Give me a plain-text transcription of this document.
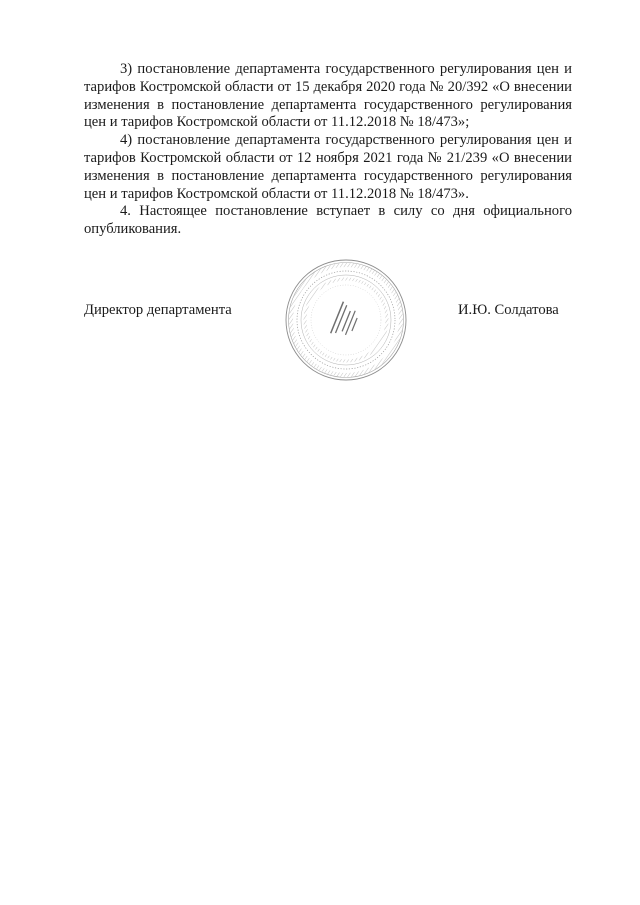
3) постановление департамента государственного регулирования цен и тарифов Костромской области от 15 декабря 2020 года № 20/392 «О внесении изменения в постановление департамента государственного регулирования цен и тарифов Костромской области от 11.12.2018 № 18/473»;

4) постановление департамента государственного регулирования цен и тарифов Костромской области от 12 ноября 2021 года № 21/239 «О внесении изменения в постановление департамента государственного регулирования цен и тарифов Костромской области от 11.12.2018 № 18/473».

4. Настоящее постановление вступает в силу со дня официального опубликования.

Директор департамента	И.Ю. Солдатова
